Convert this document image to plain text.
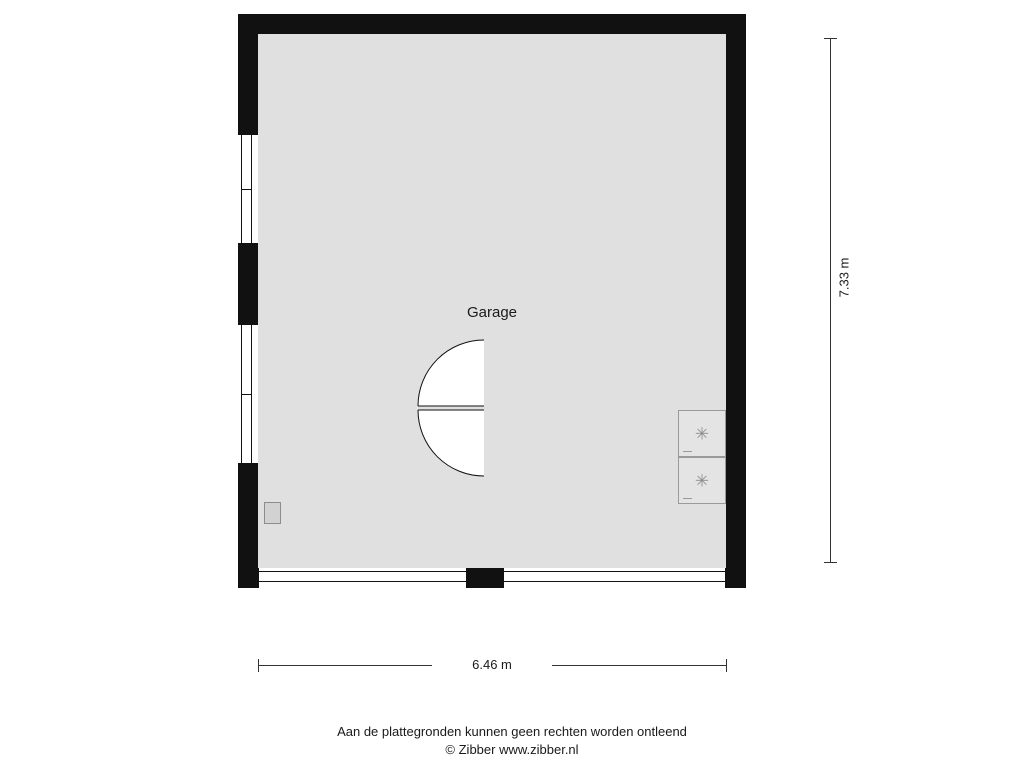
✳
✳
Garage
7.33 m
6.46 m
Aan de plattegronden kunnen geen rechten worden ontleend
© Zibber www.zibber.nl
